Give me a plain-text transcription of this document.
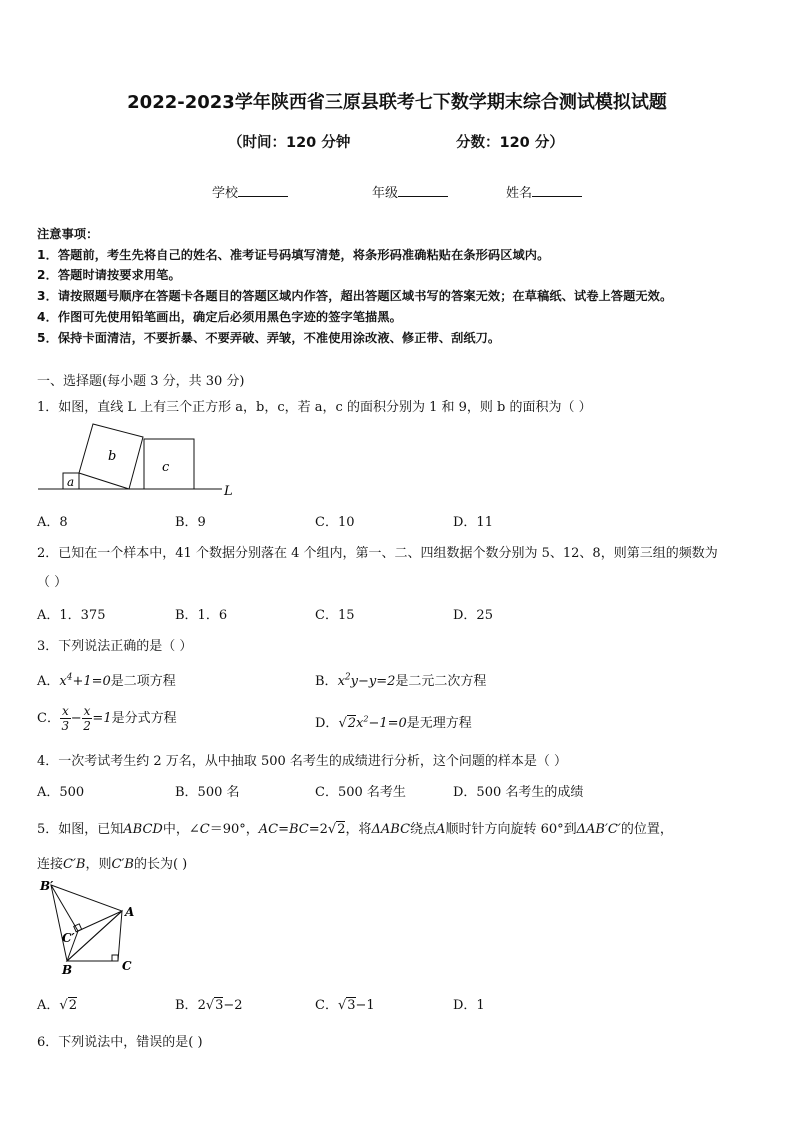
2022-2023学年陕西省三原县联考七下数学期末综合测试模拟试题
（时间：120 分钟	分数：120 分）
学校	年级	姓名
注意事项：
1．答题前，考生先将自己的姓名、准考证号码填写清楚，将条形码准确粘贴在条形码区域内。
2．答题时请按要求用笔。
3．请按照题号顺序在答题卡各题目的答题区域内作答，超出答题区域书写的答案无效；在草稿纸、试卷上答题无效。
4．作图可先使用铅笔画出，确定后必须用黑色字迹的签字笔描黑。
5．保持卡面清洁，不要折暴、不要弄破、弄皱，不准使用涂改液、修正带、刮纸刀。
一、选择题(每小题 3 分，共 30 分)
1．如图，直线 L 上有三个正方形 a，b，c，若 a，c 的面积分别为 1 和 9，则 b 的面积为（ ）
a
b
c
L
A．8	B．9	C．10	D．11
2．已知在一个样本中，41 个数据分别落在 4 个组内，第一、二、四组数据个数分别为 5、12、8，则第三组的频数为
（ ）
A．1．375	B．1．6	C．15	D．25
3．下列说法正确的是（ ）
A．$x^4+1=0$是二项方程	B．$x^2y-y=2$是二元二次方程
C． $\frac{x}{3} - \frac{x}{2} =1$是分式方程	D．$√2x^2-1=0$是无理方程
4．一次考试考生约 2 万名，从中抽取 500 名考生的成绩进行分析，这个问题的样本是（ ）
A．500	B．500 名	C．500 名考生	D．500 名考生的成绩
5．如图，已知ABCD中，∠C＝90°，AC=BC=2√2，将ΔABC绕点A顺时针方向旋转 60°到ΔAB′C′的位置，
连接C′B，则C′B的长为( )
B′
A
C′
B	C
A．√2	B．2√3−2	C．√3−1	D．1
6．下列说法中，错误的是( )
